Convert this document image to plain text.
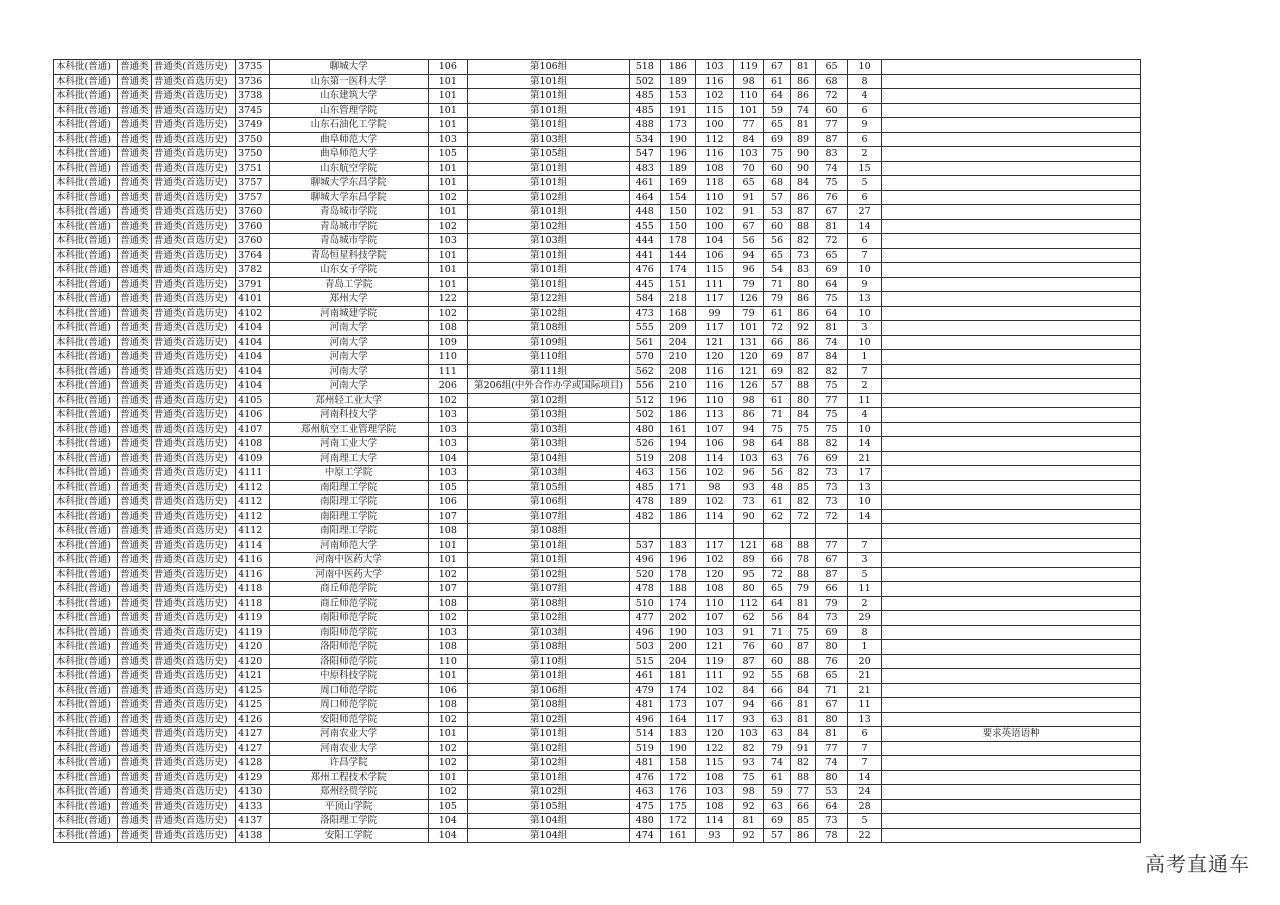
本科批(普通)	普通类	普通类(首选历史)	3735	聊城大学	106	第106组	518	186	103	119	67	81	65	10	
本科批(普通)	普通类	普通类(首选历史)	3736	山东第一医科大学	101	第101组	502	189	116	98	61	86	68	8	
本科批(普通)	普通类	普通类(首选历史)	3738	山东建筑大学	101	第101组	485	153	102	110	64	86	72	4	
本科批(普通)	普通类	普通类(首选历史)	3745	山东管理学院	101	第101组	485	191	115	101	59	74	60	6	
本科批(普通)	普通类	普通类(首选历史)	3749	山东石油化工学院	101	第101组	488	173	100	77	65	81	77	9	
本科批(普通)	普通类	普通类(首选历史)	3750	曲阜师范大学	103	第103组	534	190	112	84	69	89	87	6	
本科批(普通)	普通类	普通类(首选历史)	3750	曲阜师范大学	105	第105组	547	196	116	103	75	90	83	2	
本科批(普通)	普通类	普通类(首选历史)	3751	山东航空学院	101	第101组	483	189	108	70	60	90	74	15	
本科批(普通)	普通类	普通类(首选历史)	3757	聊城大学东昌学院	101	第101组	461	169	118	65	68	84	75	5	
本科批(普通)	普通类	普通类(首选历史)	3757	聊城大学东昌学院	102	第102组	464	154	110	91	57	86	76	6	
本科批(普通)	普通类	普通类(首选历史)	3760	青岛城市学院	101	第101组	448	150	102	91	53	87	67	27	
本科批(普通)	普通类	普通类(首选历史)	3760	青岛城市学院	102	第102组	455	150	100	67	60	88	81	14	
本科批(普通)	普通类	普通类(首选历史)	3760	青岛城市学院	103	第103组	444	178	104	56	56	82	72	6	
本科批(普通)	普通类	普通类(首选历史)	3764	青岛恒星科技学院	101	第101组	441	144	106	94	65	73	65	7	
本科批(普通)	普通类	普通类(首选历史)	3782	山东女子学院	101	第101组	476	174	115	96	54	83	69	10	
本科批(普通)	普通类	普通类(首选历史)	3791	青岛工学院	101	第101组	445	151	111	79	71	80	64	9	
本科批(普通)	普通类	普通类(首选历史)	4101	郑州大学	122	第122组	584	218	117	126	79	86	75	13	
本科批(普通)	普通类	普通类(首选历史)	4102	河南城建学院	102	第102组	473	168	99	79	61	86	64	10	
本科批(普通)	普通类	普通类(首选历史)	4104	河南大学	108	第108组	555	209	117	101	72	92	81	3	
本科批(普通)	普通类	普通类(首选历史)	4104	河南大学	109	第109组	561	204	121	131	66	86	74	10	
本科批(普通)	普通类	普通类(首选历史)	4104	河南大学	110	第110组	570	210	120	120	69	87	84	1	
本科批(普通)	普通类	普通类(首选历史)	4104	河南大学	111	第111组	562	208	116	121	69	82	82	7	
本科批(普通)	普通类	普通类(首选历史)	4104	河南大学	206	第206组(中外合作办学或国际项目)	556	210	116	126	57	88	75	2	
本科批(普通)	普通类	普通类(首选历史)	4105	郑州轻工业大学	102	第102组	512	196	110	98	61	80	77	11	
本科批(普通)	普通类	普通类(首选历史)	4106	河南科技大学	103	第103组	502	186	113	86	71	84	75	4	
本科批(普通)	普通类	普通类(首选历史)	4107	郑州航空工业管理学院	103	第103组	480	161	107	94	75	75	75	10	
本科批(普通)	普通类	普通类(首选历史)	4108	河南工业大学	103	第103组	526	194	106	98	64	88	82	14	
本科批(普通)	普通类	普通类(首选历史)	4109	河南理工大学	104	第104组	519	208	114	103	63	76	69	21	
本科批(普通)	普通类	普通类(首选历史)	4111	中原工学院	103	第103组	463	156	102	96	56	82	73	17	
本科批(普通)	普通类	普通类(首选历史)	4112	南阳理工学院	105	第105组	485	171	98	93	48	85	73	13	
本科批(普通)	普通类	普通类(首选历史)	4112	南阳理工学院	106	第106组	478	189	102	73	61	82	73	10	
本科批(普通)	普通类	普通类(首选历史)	4112	南阳理工学院	107	第107组	482	186	114	90	62	72	72	14	
本科批(普通)	普通类	普通类(首选历史)	4112	南阳理工学院	108	第108组									
本科批(普通)	普通类	普通类(首选历史)	4114	河南师范大学	101	第101组	537	183	117	121	68	88	77	7	
本科批(普通)	普通类	普通类(首选历史)	4116	河南中医药大学	101	第101组	496	196	102	89	66	78	67	3	
本科批(普通)	普通类	普通类(首选历史)	4116	河南中医药大学	102	第102组	520	178	120	95	72	88	87	5	
本科批(普通)	普通类	普通类(首选历史)	4118	商丘师范学院	107	第107组	478	188	108	80	65	79	66	11	
本科批(普通)	普通类	普通类(首选历史)	4118	商丘师范学院	108	第108组	510	174	110	112	64	81	79	2	
本科批(普通)	普通类	普通类(首选历史)	4119	南阳师范学院	102	第102组	477	202	107	62	56	84	73	29	
本科批(普通)	普通类	普通类(首选历史)	4119	南阳师范学院	103	第103组	496	190	103	91	71	75	69	8	
本科批(普通)	普通类	普通类(首选历史)	4120	洛阳师范学院	108	第108组	503	200	121	76	60	87	80	1	
本科批(普通)	普通类	普通类(首选历史)	4120	洛阳师范学院	110	第110组	515	204	119	87	60	88	76	20	
本科批(普通)	普通类	普通类(首选历史)	4121	中原科技学院	101	第101组	461	181	111	92	55	68	65	21	
本科批(普通)	普通类	普通类(首选历史)	4125	周口师范学院	106	第106组	479	174	102	84	66	84	71	21	
本科批(普通)	普通类	普通类(首选历史)	4125	周口师范学院	108	第108组	481	173	107	94	66	81	67	11	
本科批(普通)	普通类	普通类(首选历史)	4126	安阳师范学院	102	第102组	496	164	117	93	63	81	80	13	
本科批(普通)	普通类	普通类(首选历史)	4127	河南农业大学	101	第101组	514	183	120	103	63	84	81	6	要求英语语种
本科批(普通)	普通类	普通类(首选历史)	4127	河南农业大学	102	第102组	519	190	122	82	79	91	77	7	
本科批(普通)	普通类	普通类(首选历史)	4128	许昌学院	102	第102组	481	158	115	93	74	82	74	7	
本科批(普通)	普通类	普通类(首选历史)	4129	郑州工程技术学院	101	第101组	476	172	108	75	61	88	80	14	
本科批(普通)	普通类	普通类(首选历史)	4130	郑州经贸学院	102	第102组	463	176	103	98	59	77	53	24	
本科批(普通)	普通类	普通类(首选历史)	4133	平顶山学院	105	第105组	475	175	108	92	63	66	64	28	
本科批(普通)	普通类	普通类(首选历史)	4137	洛阳理工学院	104	第104组	480	172	114	81	69	85	73	5	
本科批(普通)	普通类	普通类(首选历史)	4138	安阳工学院	104	第104组	474	161	93	92	57	86	78	22	
高考直通车
